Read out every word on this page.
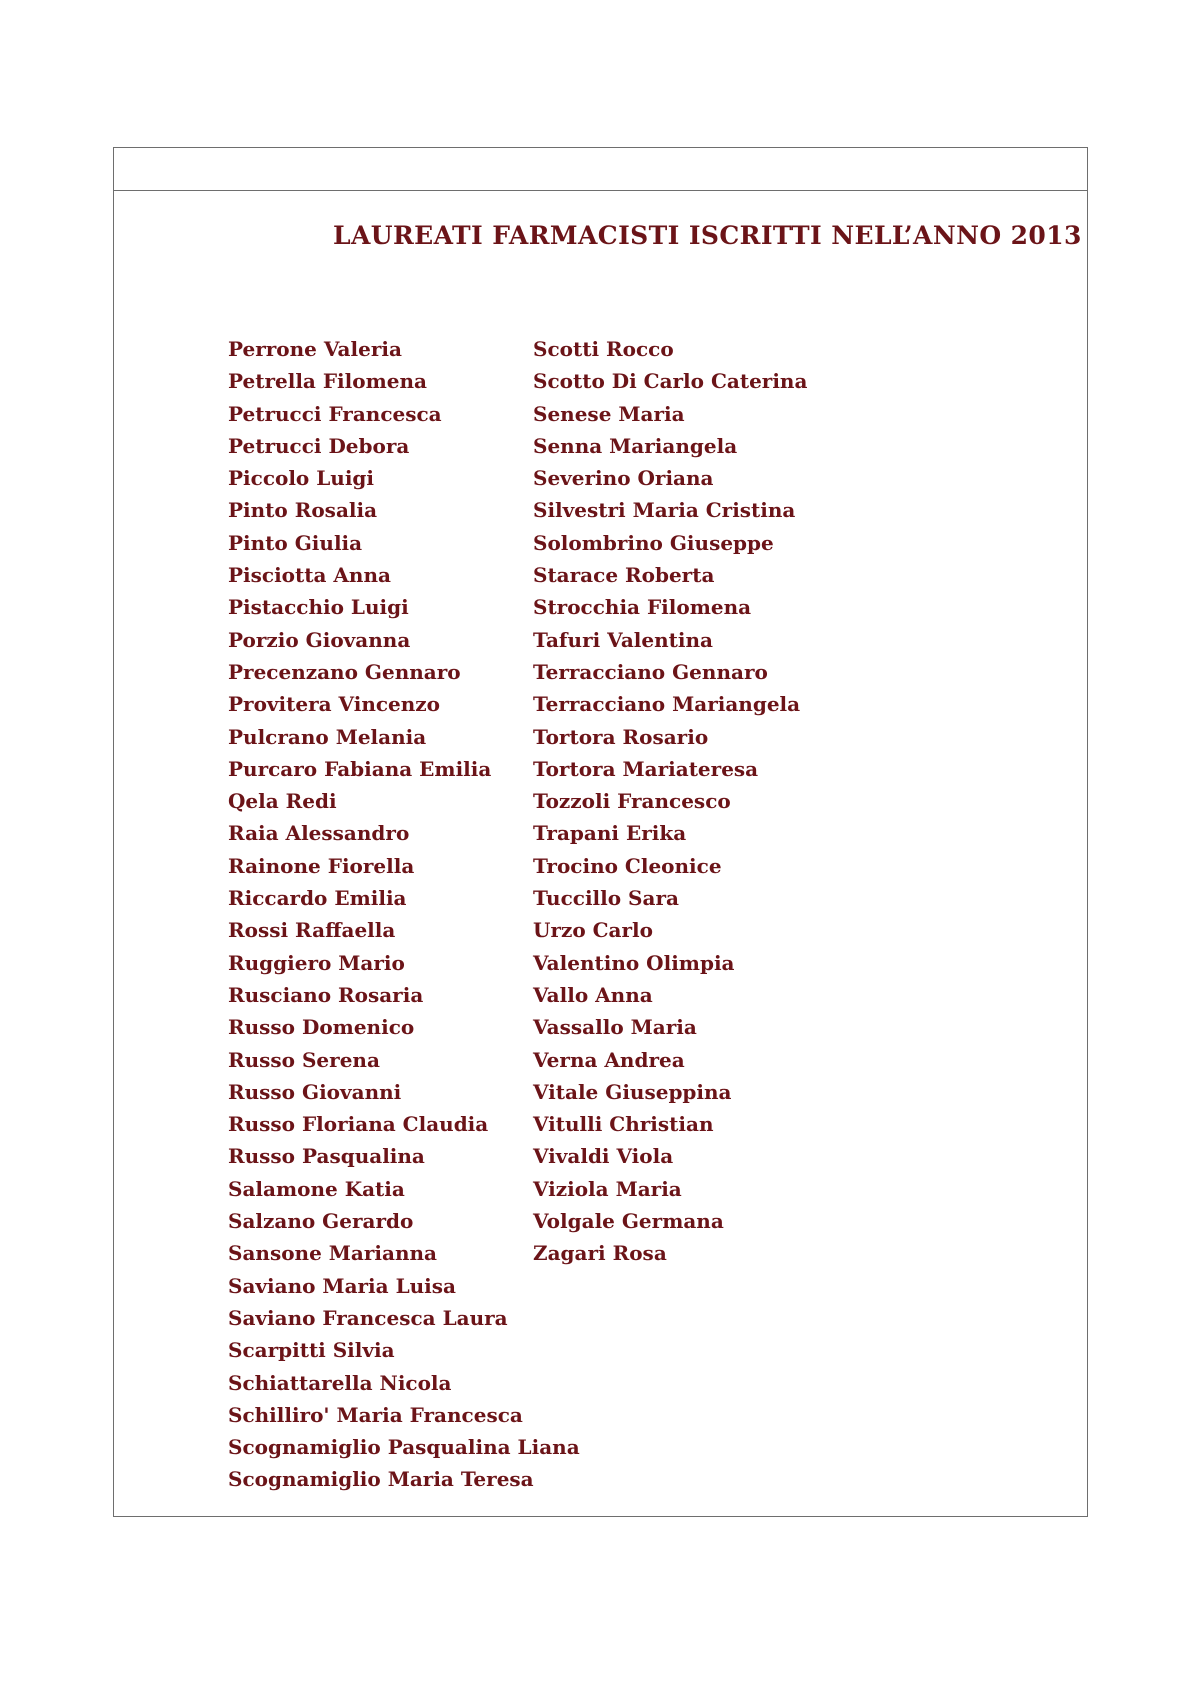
LAUREATI FARMACISTI ISCRITTI NELL’ANNO 2013
Perrone Valeria
Petrella Filomena
Petrucci Francesca
Petrucci Debora
Piccolo Luigi
Pinto Rosalia
Pinto Giulia
Pisciotta Anna
Pistacchio Luigi
Porzio Giovanna
Precenzano Gennaro
Provitera Vincenzo
Pulcrano Melania
Purcaro Fabiana Emilia
Qela Redi
Raia Alessandro
Rainone Fiorella
Riccardo Emilia
Rossi Raffaella
Ruggiero Mario
Rusciano Rosaria
Russo Domenico
Russo Serena
Russo Giovanni
Russo Floriana Claudia
Russo Pasqualina
Salamone Katia
Salzano Gerardo
Sansone Marianna
Saviano Maria Luisa
Saviano Francesca Laura
Scarpitti Silvia
Schiattarella Nicola
Schilliro' Maria Francesca
Scognamiglio Pasqualina Liana
Scognamiglio Maria Teresa
Scotti Rocco
Scotto Di Carlo Caterina
Senese Maria
Senna Mariangela
Severino Oriana
Silvestri Maria Cristina
Solombrino Giuseppe
Starace Roberta
Strocchia Filomena
Tafuri Valentina
Terracciano Gennaro
Terracciano Mariangela
Tortora Rosario
Tortora Mariateresa
Tozzoli Francesco
Trapani Erika
Trocino Cleonice
Tuccillo Sara
Urzo Carlo
Valentino Olimpia
Vallo Anna
Vassallo Maria
Verna Andrea
Vitale Giuseppina
Vitulli Christian
Vivaldi Viola
Viziola Maria
Volgale Germana
Zagari Rosa
